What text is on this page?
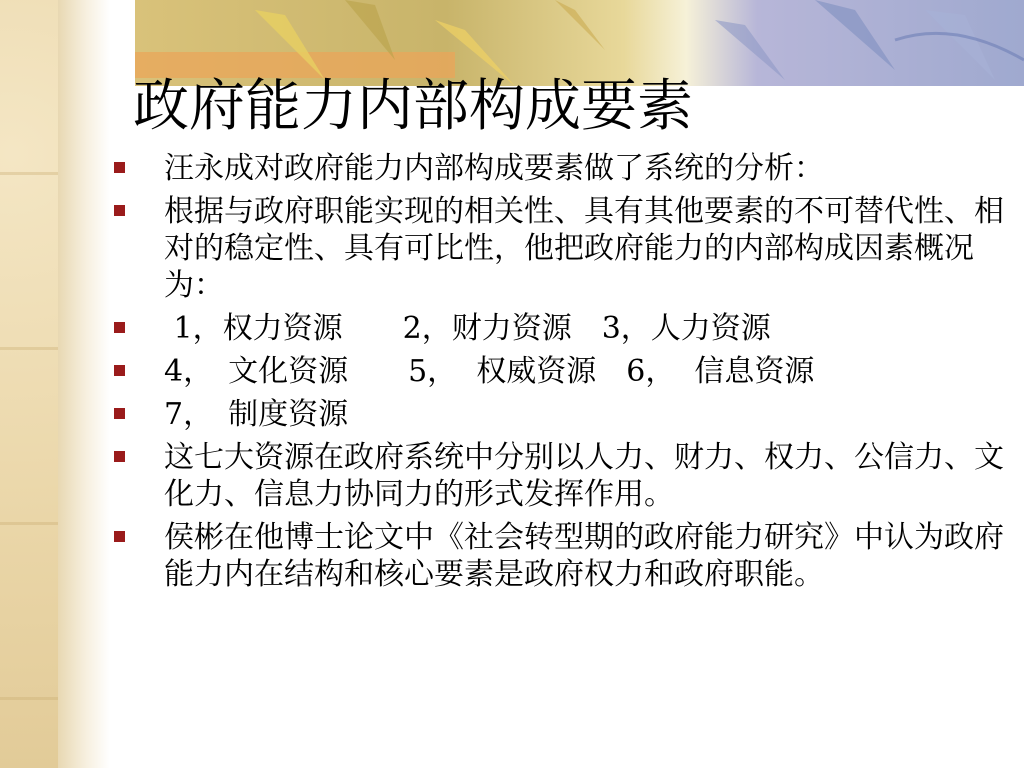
政府能力内部构成要素
汪永成对政府能力内部构成要素做了系统的分析：
根据与政府职能实现的相关性、具有其他要素的不可替代性、相对的稳定性、具有可比性，他把政府能力的内部构成因素概况为：
1，权力资源　　2，财力资源　3，人力资源
4，　文化资源　　5，  权威资源　6，  信息资源
7，　制度资源
这七大资源在政府系统中分别以人力、财力、权力、公信力、文化力、信息力协同力的形式发挥作用。
侯彬在他博士论文中《社会转型期的政府能力研究》中认为政府能力内在结构和核心要素是政府权力和政府职能。
